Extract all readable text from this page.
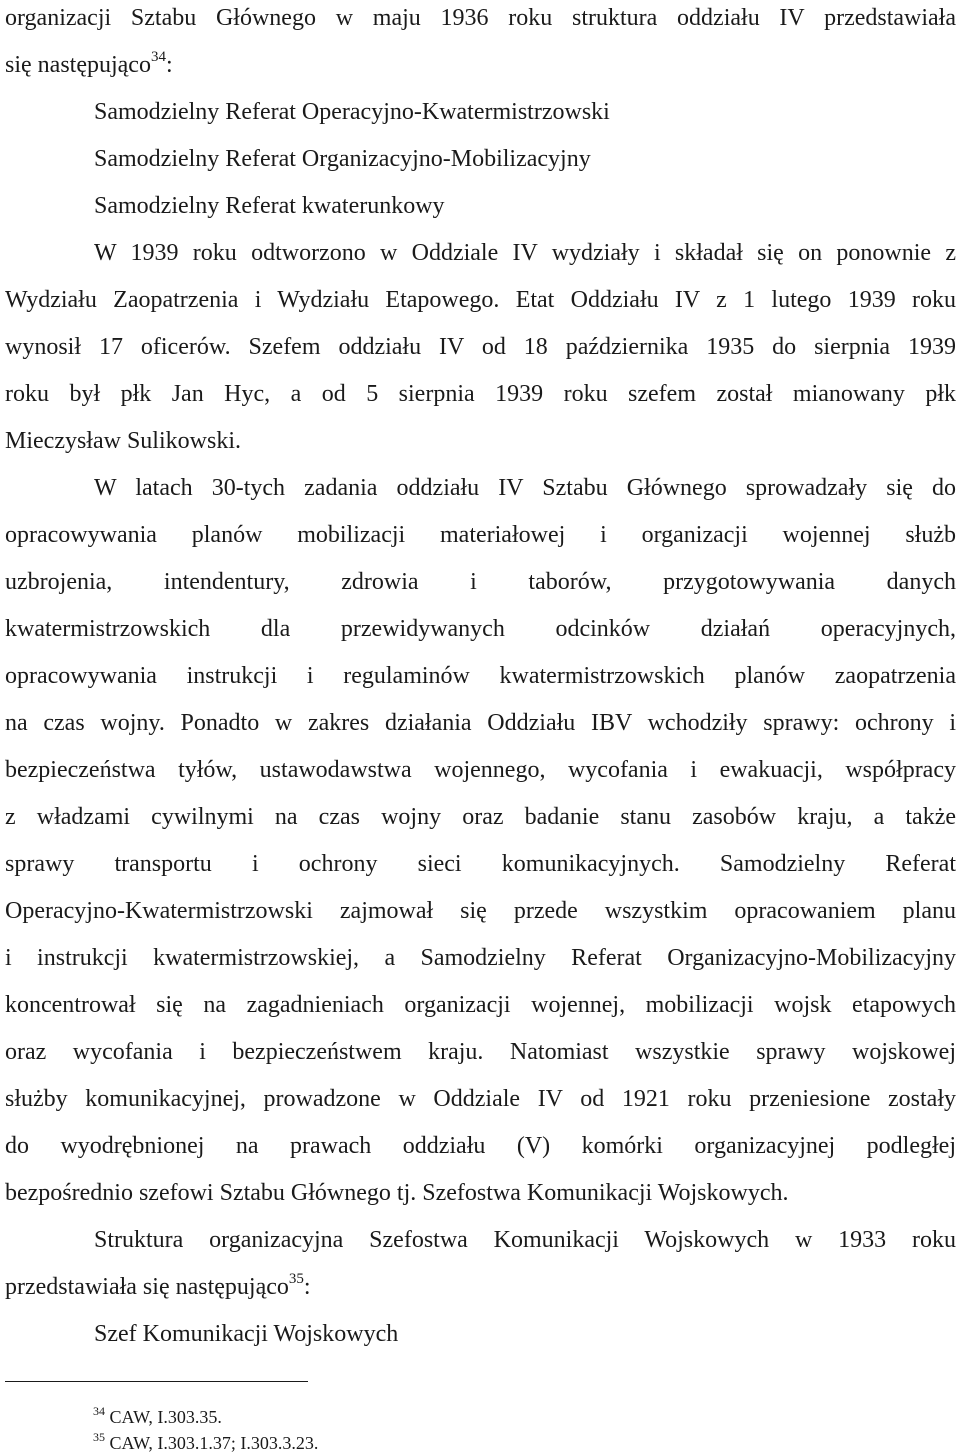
organizacji Sztabu Głównego w maju 1936 roku struktura oddziału IV przedstawiała

się następująco$^{34}$:

Samodzielny Referat Operacyjno-Kwatermistrzowski

Samodzielny Referat Organizacyjno-Mobilizacyjny

Samodzielny Referat kwaterunkowy

W 1939 roku odtworzono w Oddziale IV wydziały i składał się on ponownie z

Wydziału Zaopatrzenia i Wydziału Etapowego. Etat Oddziału IV z 1 lutego 1939 roku

wynosił 17 oficerów. Szefem oddziału IV od 18 października 1935 do sierpnia 1939

roku był płk Jan Hyc, a od 5 sierpnia 1939 roku szefem został mianowany płk

Mieczysław Sulikowski.

W latach 30-tych zadania oddziału IV Sztabu Głównego sprowadzały się do

opracowywania planów mobilizacji materiałowej i organizacji wojennej służb

uzbrojenia, intendentury, zdrowia i taborów, przygotowywania danych

kwatermistrzowskich dla przewidywanych odcinków działań operacyjnych,

opracowywania instrukcji i regulaminów kwatermistrzowskich planów zaopatrzenia

na czas wojny. Ponadto w zakres działania Oddziału IBV wchodziły sprawy: ochrony i

bezpieczeństwa tyłów, ustawodawstwa wojennego, wycofania i ewakuacji, współpracy

z władzami cywilnymi na czas wojny oraz badanie stanu zasobów kraju, a także

sprawy transportu i ochrony sieci komunikacyjnych. Samodzielny Referat

Operacyjno-Kwatermistrzowski zajmował się przede wszystkim opracowaniem planu

i instrukcji kwatermistrzowskiej, a Samodzielny Referat Organizacyjno-Mobilizacyjny

koncentrował się na zagadnieniach organizacji wojennej, mobilizacji wojsk etapowych

oraz wycofania i bezpieczeństwem kraju. Natomiast wszystkie sprawy wojskowej

służby komunikacyjnej, prowadzone w Oddziale IV od 1921 roku przeniesione zostały

do wyodrębnionej na prawach oddziału (V) komórki organizacyjnej podległej

bezpośrednio szefowi Sztabu Głównego tj. Szefostwa Komunikacji Wojskowych.

Struktura organizacyjna Szefostwa Komunikacji Wojskowych w 1933 roku

przedstawiała się następująco$^{35}$:

Szef Komunikacji Wojskowych

$^{34}$ CAW, I.303.35.
$^{35}$ CAW, I.303.1.37; I.303.3.23.
